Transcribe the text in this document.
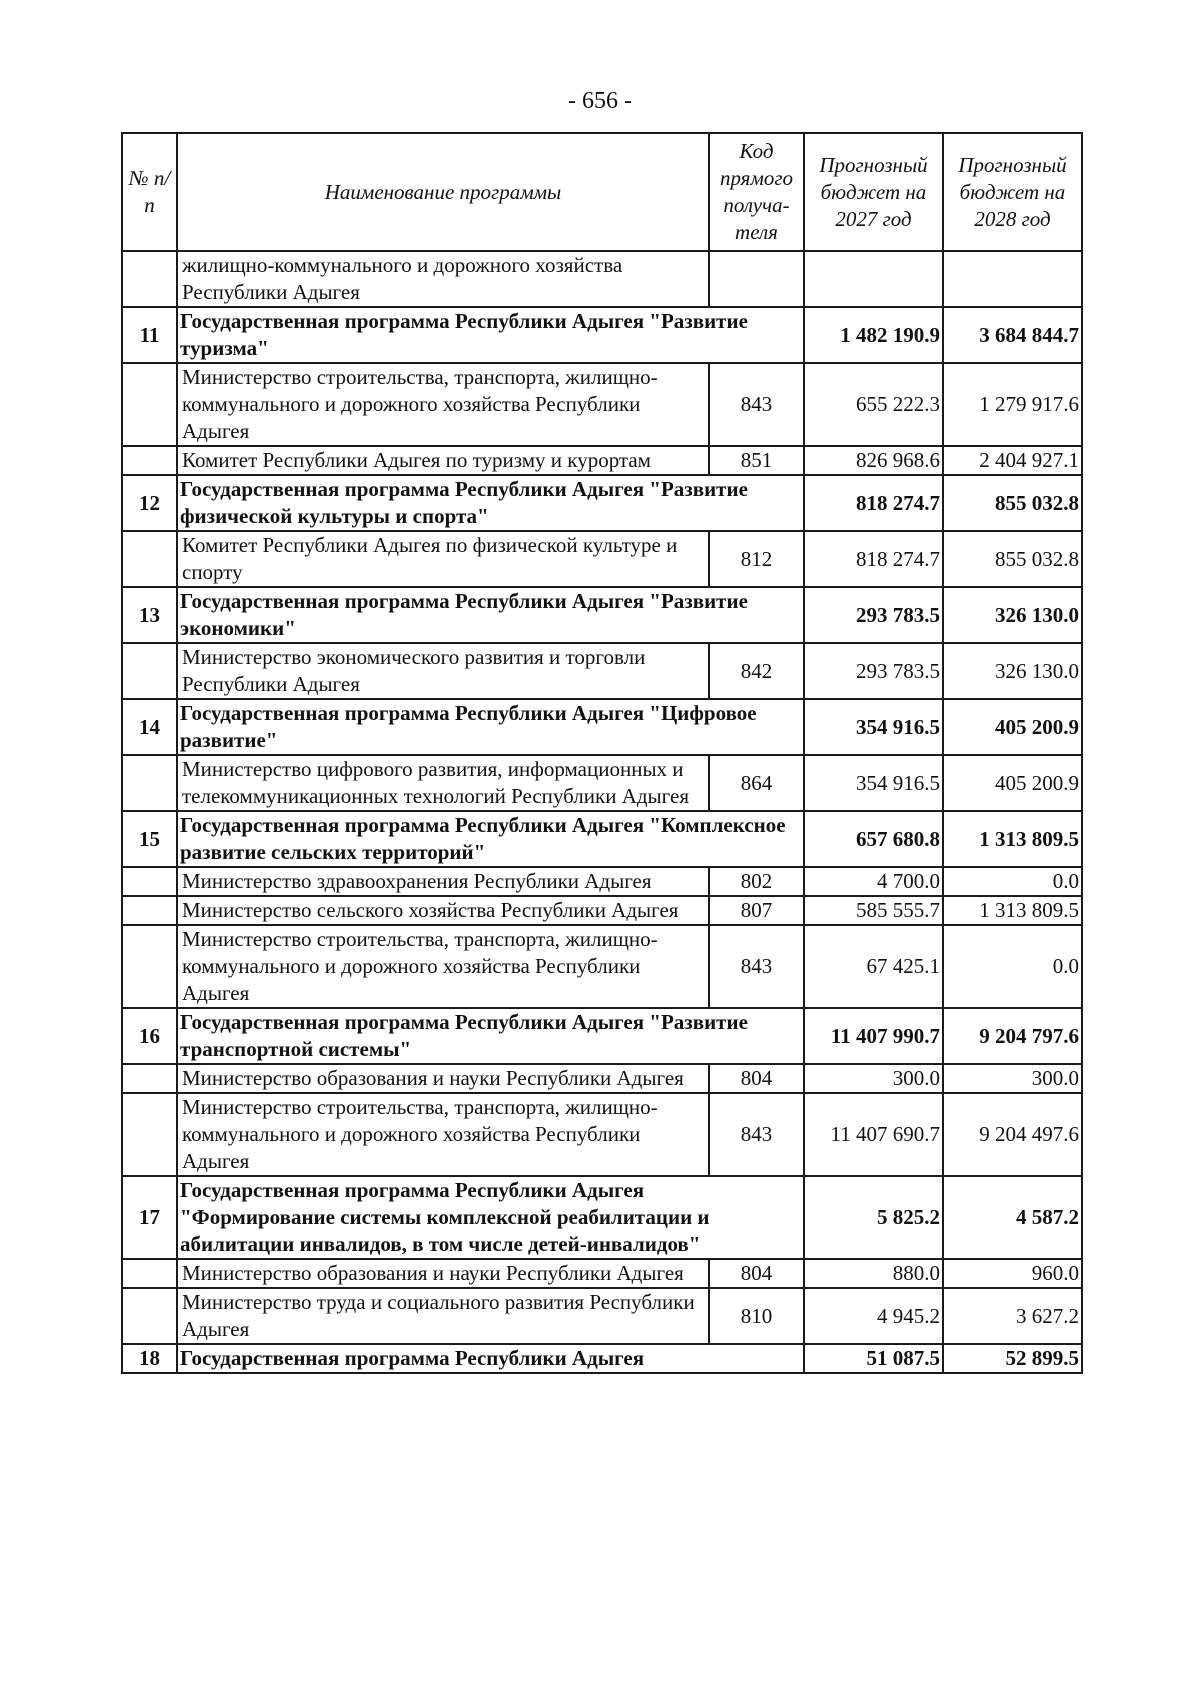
- 656 -
№ п/п	Наименование программы	Код прямого получа-теля	Прогнозный бюджет на 2027 год	Прогнозный бюджет на 2028 год
	жилищно-коммунального и дорожного хозяйства Республики Адыгея			
11	Государственная программа Республики Адыгея "Развитие туризма"		1 482 190.9	3 684 844.7
	Министерство строительства, транспорта, жилищно-коммунального и дорожного хозяйства Республики Адыгея	843	655 222.3	1 279 917.6
	Комитет Республики Адыгея по туризму и курортам	851	826 968.6	2 404 927.1
12	Государственная программа Республики Адыгея "Развитие физической культуры и спорта"		818 274.7	855 032.8
	Комитет Республики Адыгея по физической культуре и спорту	812	818 274.7	855 032.8
13	Государственная программа Республики Адыгея "Развитие экономики"		293 783.5	326 130.0
	Министерство экономического развития и торговли Республики Адыгея	842	293 783.5	326 130.0
14	Государственная программа Республики Адыгея "Цифровое развитие"		354 916.5	405 200.9
	Министерство цифрового развития, информационных и телекоммуникационных технологий Республики Адыгея	864	354 916.5	405 200.9
15	Государственная программа Республики Адыгея "Комплексное развитие сельских территорий"		657 680.8	1 313 809.5
	Министерство здравоохранения Республики Адыгея	802	4 700.0	0.0
	Министерство сельского хозяйства Республики Адыгея	807	585 555.7	1 313 809.5
	Министерство строительства, транспорта, жилищно-коммунального и дорожного хозяйства Республики Адыгея	843	67 425.1	0.0
16	Государственная программа Республики Адыгея "Развитие транспортной системы"		11 407 990.7	9 204 797.6
	Министерство образования и науки Республики Адыгея	804	300.0	300.0
	Министерство строительства, транспорта, жилищно-коммунального и дорожного хозяйства Республики Адыгея	843	11 407 690.7	9 204 497.6
17	Государственная программа Республики Адыгея "Формирование системы комплексной реабилитации и абилитации инвалидов, в том числе детей-инвалидов"		5 825.2	4 587.2
	Министерство образования и науки Республики Адыгея	804	880.0	960.0
	Министерство труда и социального развития Республики Адыгея	810	4 945.2	3 627.2
18	Государственная программа Республики Адыгея		51 087.5	52 899.5
